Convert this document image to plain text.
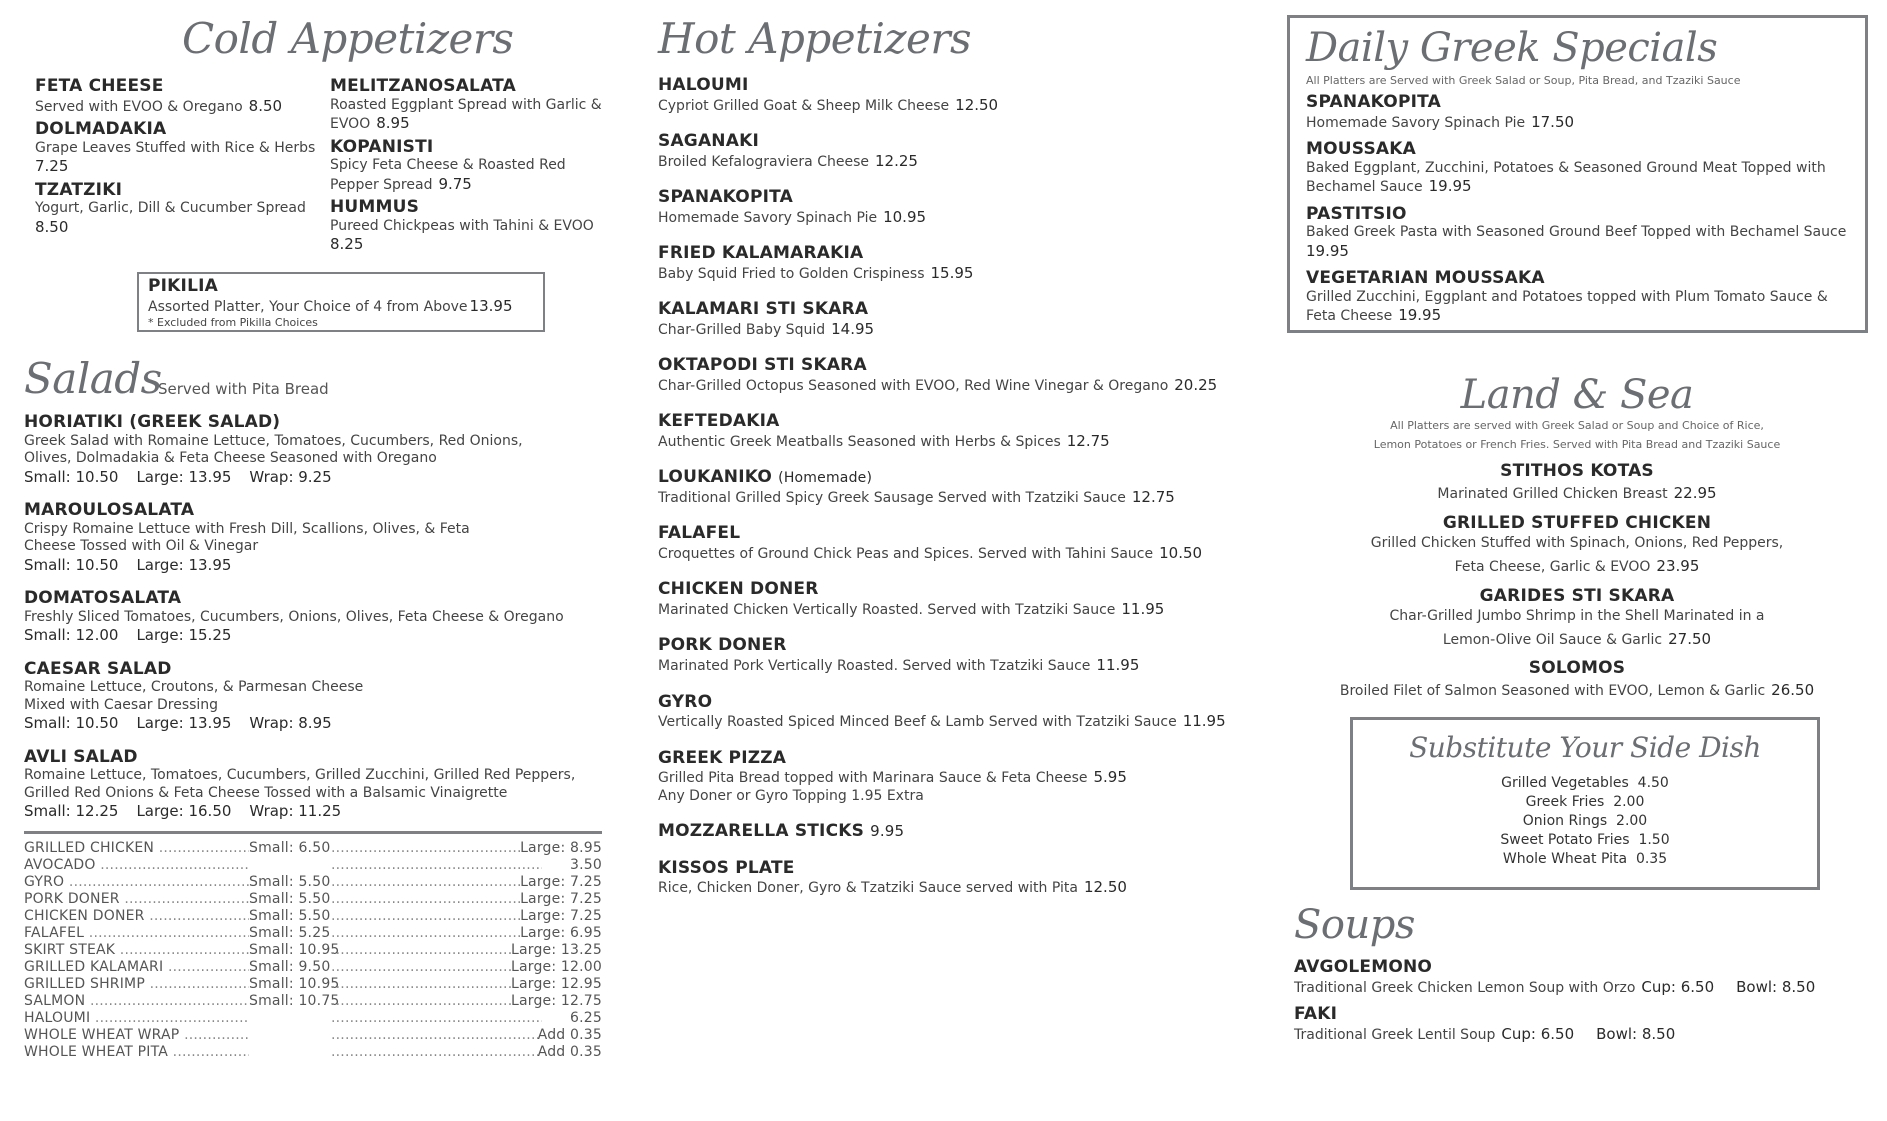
Cold Appetizers
FETA CHEESE
Served with EVOO & Oregano 8.50
DOLMADAKIA
Grape Leaves Stuffed with Rice & Herbs
7.25
TZATZIKI
Yogurt, Garlic, Dill & Cucumber Spread
8.50
MELITZANOSALATA
Roasted Eggplant Spread with Garlic & EVOO 8.95
KOPANISTI
Spicy Feta Cheese & Roasted Red Pepper Spread 9.75
HUMMUS
Pureed Chickpeas with Tahini & EVOO
8.25
PIKILIA
Assorted Platter, Your Choice of 4 from Above 13.95
* Excluded from Pikilla Choices
Salads
Served with Pita Bread
HORIATIKI (GREEK SALAD)
Greek Salad with Romaine Lettuce, Tomatoes, Cucumbers, Red Onions, Olives, Dolmadakia & Feta Cheese Seasoned with Oregano
Small: 10.50 Large: 13.95 Wrap: 9.25
MAROULOSALATA
Crispy Romaine Lettuce with Fresh Dill, Scallions, Olives, & Feta Cheese Tossed with Oil & Vinegar
Small: 10.50 Large: 13.95
DOMATOSALATA
Freshly Sliced Tomatoes, Cucumbers, Onions, Olives, Feta Cheese & Oregano
Small: 12.00 Large: 15.25
CAESAR SALAD
Romaine Lettuce, Croutons, & Parmesan Cheese Mixed with Caesar Dressing
Small: 10.50 Large: 13.95 Wrap: 8.95
AVLI SALAD
Romaine Lettuce, Tomatoes, Cucumbers, Grilled Zucchini, Grilled Red Peppers, Grilled Red Onions & Feta Cheese Tossed with a Balsamic Vinaigrette
Small: 12.25 Large: 16.50 Wrap: 11.25
GRILLED CHICKEN .....	Small: 6.50 .....	Large: 8.95
AVOCADO ..... .....	3.50
GYRO .....	Small: 5.50 .....	Large: 7.25
PORK DONER .....	Small: 5.50 .....	Large: 7.25
CHICKEN DONER .....	Small: 5.50 .....	Large: 7.25
FALAFEL .....	Small: 5.25 .....	Large: 6.95
SKIRT STEAK .....	Small: 10.95 .....	Large: 13.25
GRILLED KALAMARI .....	Small: 9.50 .....	Large: 12.00
GRILLED SHRIMP .....	Small: 10.95 .....	Large: 12.95
SALMON .....	Small: 10.75 .....	Large: 12.75
HALOUMI ..... .....	6.25
WHOLE WHEAT WRAP ..... .....	Add 0.35
WHOLE WHEAT PITA ..... .....	Add 0.35
Hot Appetizers
HALOUMI
Cypriot Grilled Goat & Sheep Milk Cheese 12.50
SAGANAKI
Broiled Kefalograviera Cheese 12.25
SPANAKOPITA
Homemade Savory Spinach Pie 10.95
FRIED KALAMARAKIA
Baby Squid Fried to Golden Crispiness 15.95
KALAMARI STI SKARA
Char-Grilled Baby Squid 14.95
OKTAPODI STI SKARA
Char-Grilled Octopus Seasoned with EVOO, Red Wine Vinegar & Oregano 20.25
KEFTEDAKIA
Authentic Greek Meatballs Seasoned with Herbs & Spices 12.75
LOUKANIKO (Homemade)
Traditional Grilled Spicy Greek Sausage Served with Tzatziki Sauce 12.75
FALAFEL
Croquettes of Ground Chick Peas and Spices. Served with Tahini Sauce 10.50
CHICKEN DONER
Marinated Chicken Vertically Roasted. Served with Tzatziki Sauce 11.95
PORK DONER
Marinated Pork Vertically Roasted. Served with Tzatziki Sauce 11.95
GYRO
Vertically Roasted Spiced Minced Beef & Lamb Served with Tzatziki Sauce 11.95
GREEK PIZZA
Grilled Pita Bread topped with Marinara Sauce & Feta Cheese 5.95
Any Doner or Gyro Topping 1.95 Extra
MOZZARELLA STICKS 9.95
KISSOS PLATE
Rice, Chicken Doner, Gyro & Tzatziki Sauce served with Pita 12.50
Daily Greek Specials
All Platters are Served with Greek Salad or Soup, Pita Bread, and Tzaziki Sauce
SPANAKOPITA
Homemade Savory Spinach Pie 17.50
MOUSSAKA
Baked Eggplant, Zucchini, Potatoes & Seasoned Ground Meat Topped with Bechamel Sauce 19.95
PASTITSIO
Baked Greek Pasta with Seasoned Ground Beef Topped with Bechamel Sauce
19.95
VEGETARIAN MOUSSAKA
Grilled Zucchini, Eggplant and Potatoes topped with Plum Tomato Sauce & Feta Cheese 19.95
Land & Sea
All Platters are served with Greek Salad or Soup and Choice of Rice,
Lemon Potatoes or French Fries. Served with Pita Bread and Tzaziki Sauce
STITHOS KOTAS
Marinated Grilled Chicken Breast 22.95
GRILLED STUFFED CHICKEN
Grilled Chicken Stuffed with Spinach, Onions, Red Peppers,
Feta Cheese, Garlic & EVOO 23.95
GARIDES STI SKARA
Char-Grilled Jumbo Shrimp in the Shell Marinated in a
Lemon-Olive Oil Sauce & Garlic 27.50
SOLOMOS
Broiled Filet of Salmon Seasoned with EVOO, Lemon & Garlic 26.50
Substitute Your Side Dish
Grilled Vegetables 4.50
Greek Fries 2.00
Onion Rings 2.00
Sweet Potato Fries 1.50
Whole Wheat Pita 0.35
Soups
AVGOLEMONO
Traditional Greek Chicken Lemon Soup with Orzo Cup: 6.50 Bowl: 8.50
FAKI
Traditional Greek Lentil Soup Cup: 6.50 Bowl: 8.50
